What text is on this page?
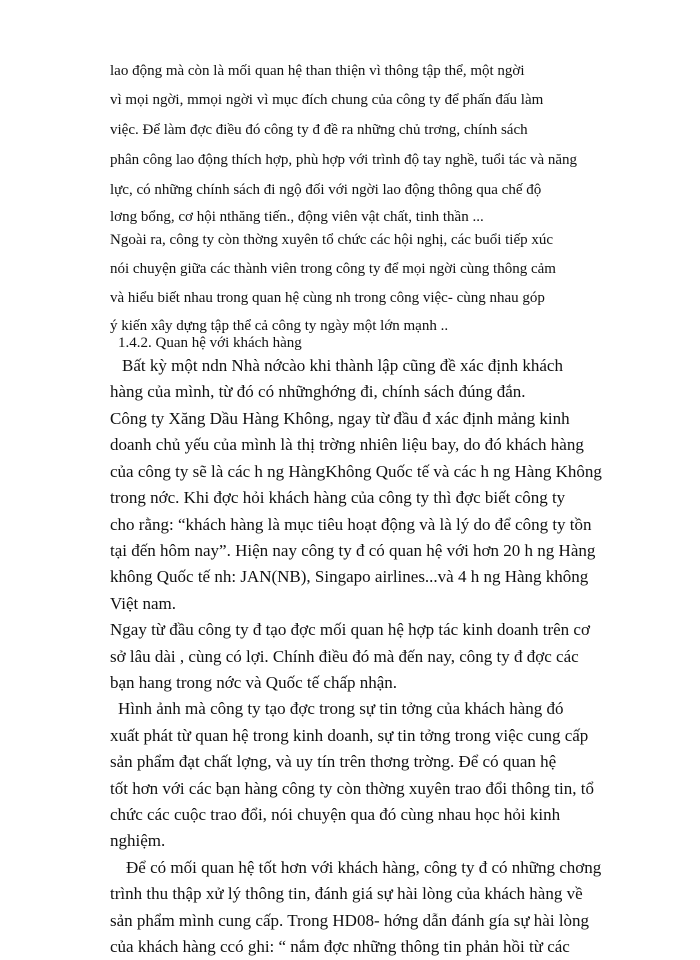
lao động mà còn là mối quan hệ than thiện vì thông tập thể, một ngời
vì mọi ngời, mmọi ngời vì mục đích chung của công ty để phấn đấu làm
việc. Để làm đợc điều đó công ty đ đề ra những chủ trơng, chính sách
phân công lao động thích hợp, phù hợp với trình độ tay nghề, tuổi tác và năng
lực, có những chính sách đi ngộ đối với ngời lao động thông qua chế độ
lơng bổng, cơ hội nthăng tiến., động viên vật chất, tinh thần ...
Ngoài ra, công ty còn thờng xuyên tổ chức các hội nghị, các buổi tiếp xúc
nói chuyện giữa các thành viên trong công ty để mọi ngời cùng thông cảm
và hiểu biết nhau trong quan hệ cùng nh trong công việc- cùng nhau góp
ý kiến xây dựng tập thể cả công ty ngày một lớn mạnh ..
1.4.2. Quan hệ với khách hàng
Bất kỳ một ndn Nhà nớcào khi thành lập cũng đề xác định khách
hàng của mình, từ đó có nhữnghớng đi, chính sách đúng đắn.
Công ty Xăng Dầu Hàng Không, ngay từ đầu đ xác định mảng kinh
doanh chủ yếu của mình là thị trờng nhiên liệu bay, do đó khách hàng
của công ty sẽ là các h ng HàngKhông Quốc tế và các h ng Hàng Không
trong nớc. Khi đợc hỏi khách hàng của công ty thì đợc biết công ty
cho rằng: “khách hàng là mục tiêu hoạt động và là lý do để công ty tồn
tại đến hôm nay”. Hiện nay công ty đ có quan hệ với hơn 20 h ng Hàng
không Quốc tế nh: JAN(NB), Singapo airlines...và 4 h ng Hàng không
Việt nam.
Ngay từ đầu công ty đ tạo đợc mối quan hệ hợp tác kinh doanh trên cơ
sở lâu dài , cùng có lợi. Chính điều đó mà đến nay, công ty đ đợc các
bạn hang trong nớc và Quốc tế chấp nhận.
Hình ảnh mà công ty tạo đợc trong sự tin tởng của khách hàng đó
xuất phát từ quan hệ trong kinh doanh, sự tin tởng trong việc cung cấp
sản phẩm đạt chất lợng, và uy tín trên thơng trờng. Để có quan hệ
tốt hơn với các bạn hàng công ty còn thờng xuyên trao đổi thông tin, tổ
chức các cuộc trao đổi, nói chuyện qua đó cùng nhau học hỏi kinh
nghiệm.
Để có mối quan hệ tốt hơn với khách hàng, công ty đ có những chơng
trình thu thập xử lý thông tin, đánh giá sự hài lòng của khách hàng về
sản phẩm mình cung cấp. Trong HD08- hớng dẫn đánh gía sự hài lòng
của khách hàng ccó ghi: “ nắm đợc những thông tin phản hồi từ các
